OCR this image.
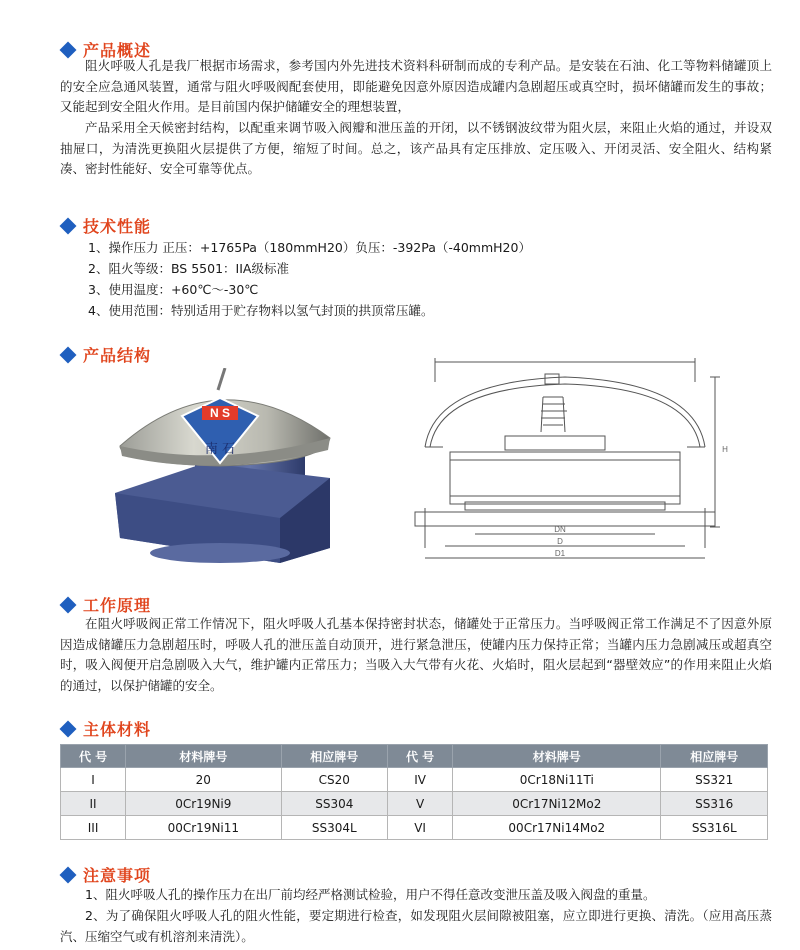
产品概述

阻火呼吸人孔是我厂根据市场需求，参考国内外先进技术资料科研制而成的专利产品。是安装在石油、化工等物料储罐顶上的安全应急通风装置，通常与阻火呼吸阀配套使用，即能避免因意外原因造成罐内急剧超压或真空时，损坏储罐而发生的事故；又能起到安全阻火作用。是目前国内保护储罐安全的理想装置，

产品采用全天候密封结构，以配重来调节吸入阀瓣和泄压盖的开闭，以不锈钢波纹带为阻火层，来阻止火焰的通过，并设双抽屉口，为清洗更换阻火层提供了方便，缩短了时间。总之，该产品具有定压排放、定压吸入、开闭灵活、安全阻火、结构紧凑、密封性能好、安全可靠等优点。

技术性能
1、操作压力 正压：+1765Pa（180mmH20）负压：-392Pa（-40mmH20）
2、阻火等级：BS 5501：IIA级标准
3、使用温度：+60℃～-30℃
4、使用范围：特别适用于贮存物料以氢气封顶的拱顶常压罐。
产品结构
N S
南 石
DN
D
D1
H
工作原理

在阻火呼吸阀正常工作情况下，阻火呼吸人孔基本保持密封状态，储罐处于正常压力。当呼吸阀正常工作满足不了因意外原因造成储罐压力急剧超压时，呼吸人孔的泄压盖自动顶开，进行紧急泄压，使罐内压力保持正常；当罐内压力急剧减压或超真空时，吸入阀便开启急剧吸入大气，维护罐内正常压力；当吸入大气带有火花、火焰时，阻火层起到“器壁效应”的作用来阻止火焰的通过，以保护储罐的安全。

主体材料
代 号	材料牌号	相应牌号	代 号	材料牌号	相应牌号
I	20	CS20	IV	0Cr18Ni11Ti	SS321
II	0Cr19Ni9	SS304	V	0Cr17Ni12Mo2	SS316
III	00Cr19Ni11	SS304L	VI	00Cr17Ni14Mo2	SS316L
注意事项

1、阻火呼吸人孔的操作压力在出厂前均经严格测试检验，用户不得任意改变泄压盖及吸入阀盘的重量。

2、为了确保阻火呼吸人孔的阻火性能，要定期进行检查，如发现阻火层间隙被阻塞，应立即进行更换、清洗。（应用高压蒸汽、压缩空气或有机溶剂来清洗）。
